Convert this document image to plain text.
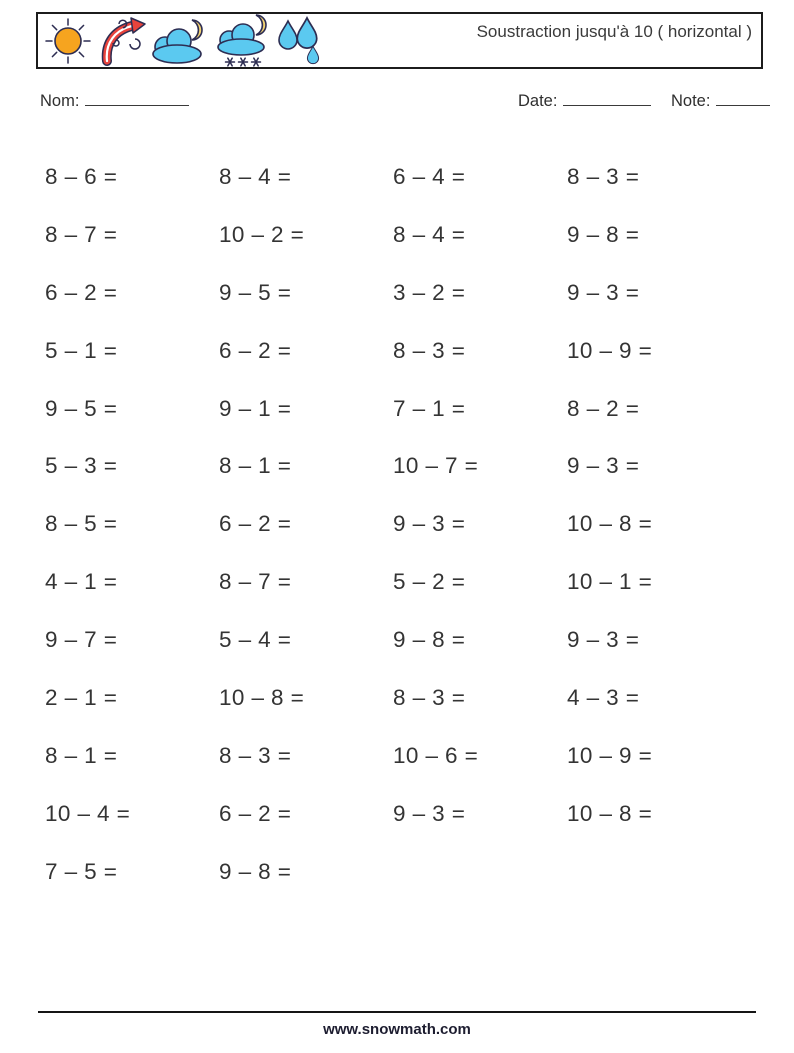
Soustraction jusqu'à 10 ( horizontal )
Nom:	Date:	Note:
8 – 6 =	8 – 4 =	6 – 4 =	8 – 3 =
8 – 7 =	10 – 2 =	8 – 4 =	9 – 8 =
6 – 2 =	9 – 5 =	3 – 2 =	9 – 3 =
5 – 1 =	6 – 2 =	8 – 3 =	10 – 9 =
9 – 5 =	9 – 1 =	7 – 1 =	8 – 2 =
5 – 3 =	8 – 1 =	10 – 7 =	9 – 3 =
8 – 5 =	6 – 2 =	9 – 3 =	10 – 8 =
4 – 1 =	8 – 7 =	5 – 2 =	10 – 1 =
9 – 7 =	5 – 4 =	9 – 8 =	9 – 3 =
2 – 1 =	10 – 8 =	8 – 3 =	4 – 3 =
8 – 1 =	8 – 3 =	10 – 6 =	10 – 9 =
10 – 4 =	6 – 2 =	9 – 3 =	10 – 8 =
7 – 5 =	9 – 8 =
www.snowmath.com
